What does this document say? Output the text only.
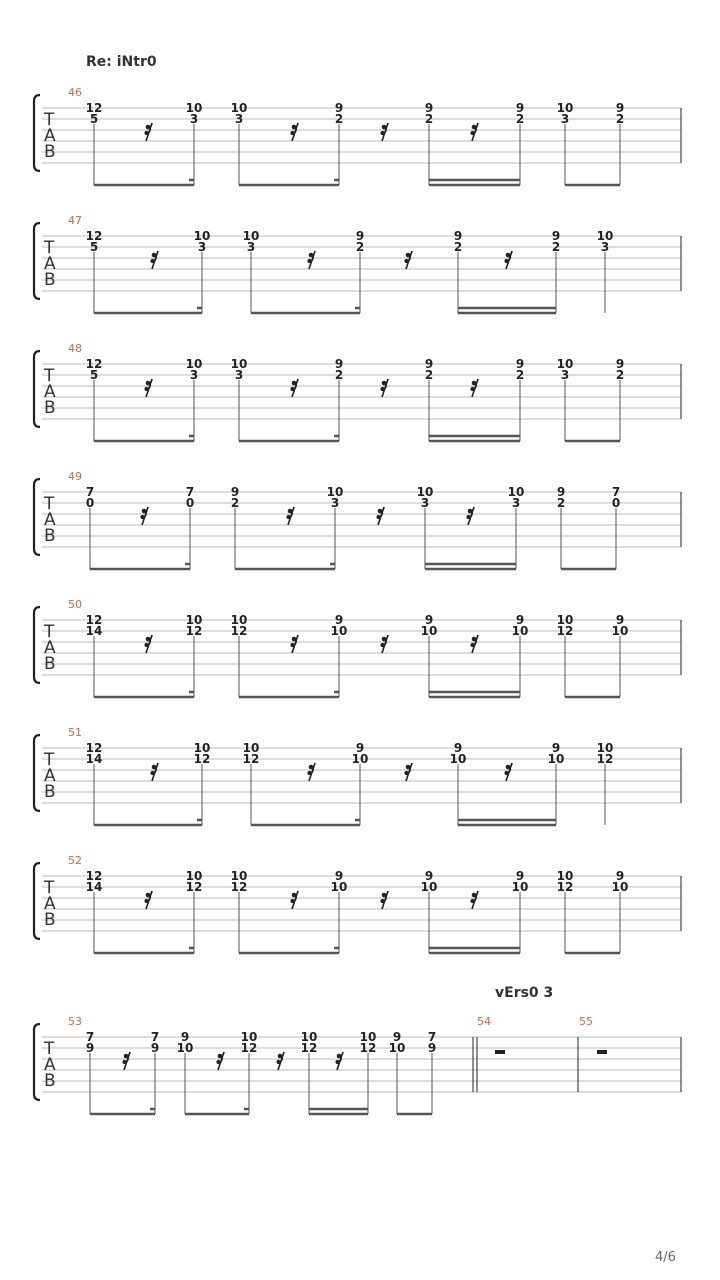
Re: iNtr0
vErs0 3
T
A
B
46
12
5
10
3
10
3
9
2
9
2
9
2
10
3
9
2
T
A
B
47
12
5
10
3
10
3
9
2
9
2
9
2
10
3
T
A
B
48
12
5
10
3
10
3
9
2
9
2
9
2
10
3
9
2
T
A
B
49
7
0
7
0
9
2
10
3
10
3
10
3
9
2
7
0
T
A
B
50
12
14
10
12
10
12
9
10
9
10
9
10
10
12
9
10
T
A
B
51
12
14
10
12
10
12
9
10
9
10
9
10
10
12
T
A
B
52
12
14
10
12
10
12
9
10
9
10
9
10
10
12
9
10
T
A
B
53
7
9
7
9
9
10
10
12
10
12
10
12
9
10
7
9
54	55
4/6
